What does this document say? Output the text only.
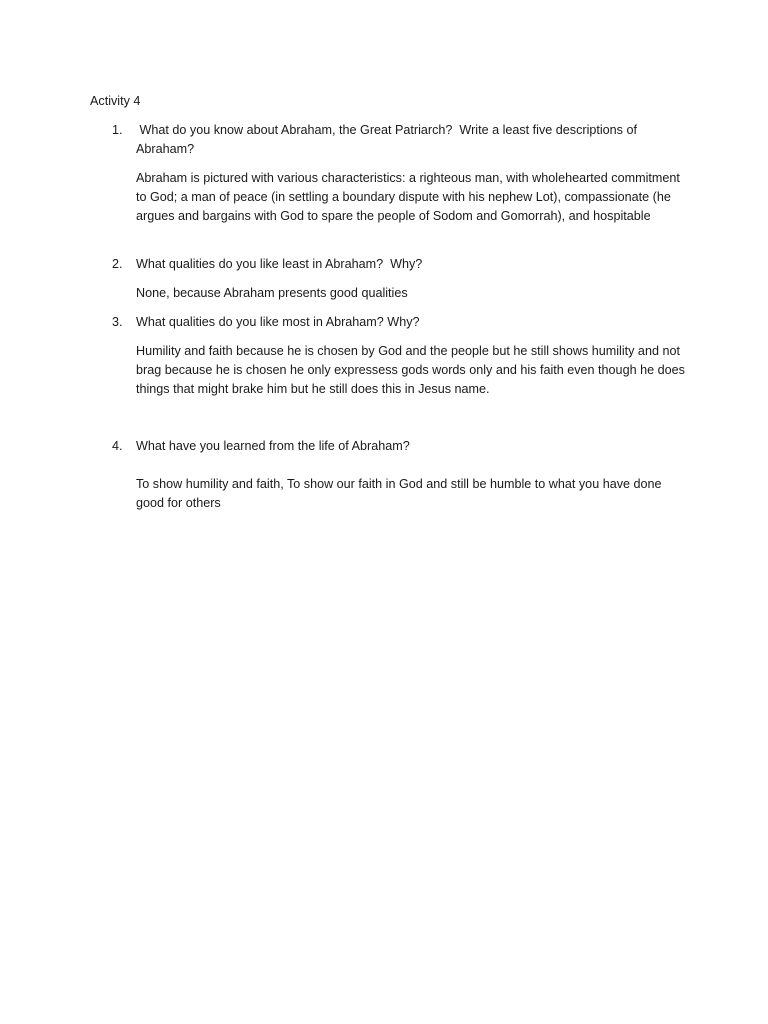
Activity 4
1.	What do you know about Abraham, the Great Patriarch?  Write a least five descriptions of Abraham?
Abraham is pictured with various characteristics: a righteous man, with wholehearted commitment to God; a man of peace (in settling a boundary dispute with his nephew Lot), compassionate (he argues and bargains with God to spare the people of Sodom and Gomorrah), and hospitable
2.	What qualities do you like least in Abraham?  Why?
None, because Abraham presents good qualities
3.	What qualities do you like most in Abraham? Why?
Humility and faith because he is chosen by God and the people but he still shows humility and not brag because he is chosen he only expressess gods words only and his faith even though he does things that might brake him but he still does this in Jesus name.
4.	What have you learned from the life of Abraham?
To show humility and faith, To show our faith in God and still be humble to what you have done good for others
